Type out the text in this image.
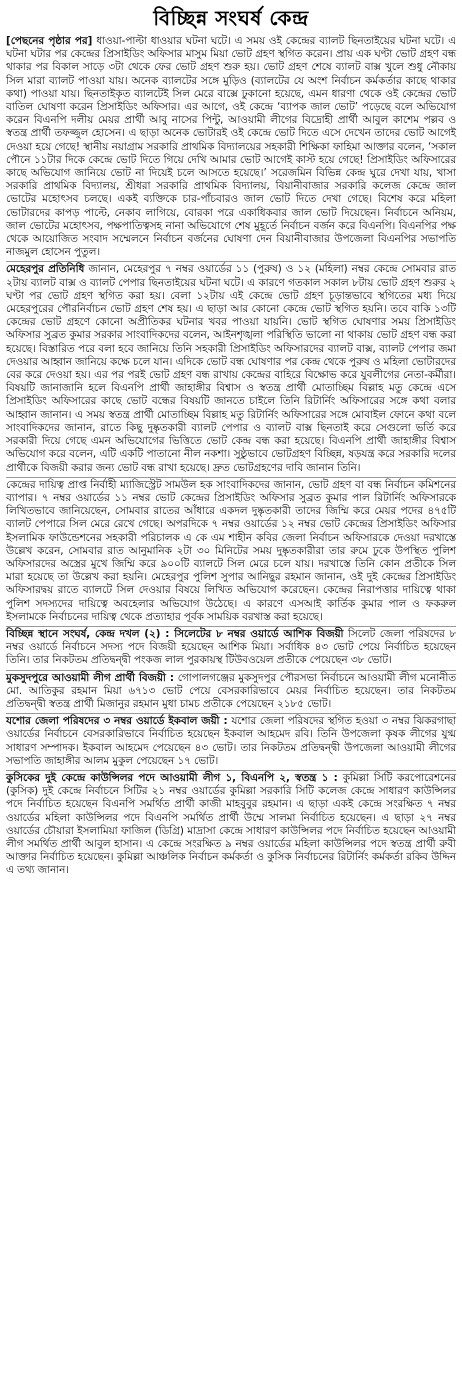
বিচ্ছিন্ন সংঘর্ষ কেন্দ্র

[পেছনের পৃষ্ঠার পর] ধাওয়া-পাল্টা ধাওয়ার ঘটনা ঘটে। এ সময় ওই কেন্দ্রের ব্যালট ছিনতাইয়ের ঘটনা ঘটে। এ ঘটনা ঘটার পর কেন্দ্রের প্রিসাইডিং অফিসার মাসুম মিয়া ভোট গ্রহণ স্থগিত করেন। প্রায় এক ঘণ্টা ভোট গ্রহণ বন্ধ থাকার পর বিকাল সাড়ে ৩টা থেকে ফের ভোট গ্রহণ শুরু হয়। ভোট গ্রহণ শেষে ব্যালট বাক্স খুলে শুধু নৌকায় সিল মারা ব্যালট পাওয়া যায়। অনেক ব্যালটের সঙ্গে মুড়িও (ব্যালটের যে অংশ নির্বাচন কর্মকর্তার কাছে থাকার কথা) পাওয়া যায়। ছিনতাইকৃত ব্যালটেই সিল মেরে বাক্সে ঢুকানো হয়েছে, এমন ধারণা থেকে ওই কেন্দ্রের ভোট বাতিল ঘোষণা করেন প্রিসাইডিং অফিসার। এর আগে, ওই কেন্দ্রে ‘ব্যাপক জাল ভোট’ পড়েছে বলে অভিযোগ করেন বিএনপি দলীয় মেয়র প্রার্থী আবু নাসের পিন্টু, আওয়ামী লীগের বিদ্রোহী প্রার্থী আবুল কাশেম পল্লব ও স্বতন্ত্র প্রার্থী তফজ্জুল হোসেন। এ ছাড়া অনেক ভোটারই ওই কেন্দ্রে ভোট দিতে এসে দেখেন তাদের ভোট আগেই দেওয়া হয়ে গেছে! স্থানীয় নয়াগ্রাম সরকারি প্রাথমিক বিদ্যালয়ের সহকারী শিক্ষিকা ফাহিমা আক্তার বলেন, ‘সকাল পৌনে ১১টার দিকে কেন্দ্রে ভোট দিতে গিয়ে দেখি আমার ভোট আগেই কাস্ট হয়ে গেছে! প্রিসাইডিং অফিসারের কাছে অভিযোগ জানিয়ে ভোট না দিয়েই চলে আসতে হয়েছে।’ সরেজমিন বিভিন্ন কেন্দ্র ঘুরে দেখা যায়, খাসা সরকারি প্রাথমিক বিদ্যালয়, শ্রীধরা সরকারি প্রাথমিক বিদ্যালয়, বিয়ানীবাজার সরকারি কলেজ কেন্দ্রে জাল ভোটের মহোৎসব চলছে। একই ব্যক্তিকে চার-পাঁচবারও জাল ভোট দিতে দেখা গেছে। বিশেষ করে মহিলা ভোটারদের কাপড় পাল্টে, নেকাব লাগিয়ে, বোরকা পরে একাধিকবার জাল ভোট দিয়েছেন। নির্বাচনে অনিয়ম, জাল ভোটের মহোৎসব, পক্ষপাতিত্বসহ নানা অভিযোগে শেষ মুহূর্তে নির্বাচন বর্জন করে বিএনপি। বিএনপির পক্ষ থেকে আয়োজিত সংবাদ সম্মেলনে নির্বাচন বর্জনের ঘোষণা দেন বিয়ানীবাজার উপজেলা বিএনপির সভাপতি নাজমুল হোসেন পুতুল।

মেহেরপুর প্রতিনিধি জানান, মেহেরপুর ৭ নম্বর ওয়ার্ডের ১১ (পুরুষ) ও ১২ (মহিলা) নম্বর কেন্দ্রে সোমবার রাত ২টায় ব্যালট বাক্স ও ব্যালট পেপার ছিনতাইয়ের ঘটনা ঘটে। এ কারণে গতকাল সকাল ৮টায় ভোট গ্রহণ শুরুর ২ ঘণ্টা পর ভোট গ্রহণ স্থগিত করা হয়। বেলা ১২টায় এই কেন্দ্রে ভোট গ্রহণ চূড়ান্তভাবে স্থগিতের মধ্য দিয়ে মেহেরপুরের পৌরনির্বাচন ভোট গ্রহণ শেষ হয়। এ ছাড়া আর কোনো কেন্দ্রে ভোট স্থগিত হয়নি। তবে বাকি ১৩টি কেন্দ্রের ভোট গ্রহণে কোনো অপ্রীতিকর ঘটনার খবর পাওয়া যায়নি। ভোট স্থগিত ঘোষণার সময় প্রিসাইডিং অফিসার সুব্রত কুমার সরকার সাংবাদিকদের বলেন, আইনশৃঙ্খলা পরিস্থিতি ভালো না থাকায় ভোট গ্রহণ বন্ধ করা হয়েছে। বিস্তারিত পরে বলা হবে জানিয়ে তিনি সহকারী প্রিসাইডিং অফিসারদের ব্যালট বাক্স, ব্যালট পেপার জমা দেওয়ার আহ্বান জানিয়ে কক্ষে চলে যান। এদিকে ভোট বন্ধ ঘোষণার পর কেন্দ্র থেকে পুরুষ ও মহিলা ভোটারদের বের করে দেওয়া হয়। এর পর পরই ভোট গ্রহণ বন্ধ রাখায় কেন্দ্রের বাহিরে বিক্ষোভ করে যুবলীগের নেতা-কর্মীরা। বিষয়টি জানাজানি হলে বিএনপি প্রার্থী জাহাঙ্গীর বিশ্বাস ও স্বতন্ত্র প্রার্থী মোতাচ্ছিম বিল্লাহ মতু কেন্দ্রে এসে প্রিসাইডিং অফিসারের কাছে ভোট বন্ধের বিষয়টি জানতে চাইলে তিনি রিটার্নিং অফিসারের সঙ্গে কথা বলার আহ্বান জানান। এ সময় স্বতন্ত্র প্রার্থী মোতাচ্ছিম বিল্লাহ মতু রিটার্নিং অফিসারের সঙ্গে মোবাইল ফোনে কথা বলে সাংবাদিকদের জানান, রাতে কিছু দুষ্কৃতকারী ব্যালট পেপার ও ব্যালট বাক্স ছিনতাই করে সেগুলো ভর্তি করে সরকারী দিয়ে গেছে এমন অভিযোগের ভিত্তিতে ভোট কেন্দ্র বন্ধ করা হয়েছে। বিএনপি প্রার্থী জাহাঙ্গীর বিশ্বাস অভিযোগ করে বলেন, এটি একটি পাতানো নীল নকশা। সুষ্ঠুভাবে ভোটগ্রহণ বিচ্ছিন্ন, ষড়যন্ত্র করে সরকারি দলের প্রার্থীকে বিজয়ী করার জন্য ভোট বন্ধ রাখা হয়েছে। দ্রুত ভোটগ্রহণের দাবি জানান তিনি।

কেন্দ্রের দায়িত্ব প্রাপ্ত নির্বাহী ম্যাজিস্ট্রেট সামউল হক সাংবাদিকদের জানান, ভোট গ্রহণ বা বন্ধ নির্বাচন কমিশনের ব্যাপার। ৭ নম্বর ওয়ার্ডের ১১ নম্বর ভোট কেন্দ্রের প্রিসাইডিং অফিসার সুব্রত কুমার পাল রিটার্নিং অফিসারকে লিখিতভাবে জানিয়েছেন, সোমবার রাতের আঁধারে একদল দুষ্কৃতকারী তাদের জিম্মি করে মেয়র পদের ৪৭৫টি ব্যালট পেপারে সিল মেরে রেখে গেছে। অপরদিকে ৭ নম্বর ওয়ার্ডের ১২ নম্বর ভোট কেন্দ্রের প্রিসাইডিং অফিসার ইসলামিক ফাউন্ডেশনের সহকারী পরিচালক এ কে এম শাহীন কবির জেলা নির্বাচন অফিসারকে দেওয়া দরখাস্তে উল্লেখ করেন, সোমবার রাত আনুমানিক ২টা ৩০ মিনিটের সময় দুষ্কৃতকারীরা তার রুমে ঢুকে উপস্থিত পুলিশ অফিসারদের অস্ত্রের মুখে জিম্মি করে ৯০০টি ব্যালটে সিল মেরে চলে যায়। দরখাস্তে তিনি কোন প্রতীকে সিল মারা হয়েছে তা উল্লেখ করা হয়নি। মেহেরপুর পুলিশ সুপার আনিছুর রহমান জানান, ওই দুই কেন্দ্রের প্রিসাইডিং অফিসারদ্বয় রাতে ব্যালটে সিল দেওয়ার বিষয়ে লিখিত অভিযোগ করেছেন। কেন্দ্রের নিরাপত্তার দায়িত্বে থাকা পুলিশ সদস্যদের দায়িত্বে অবহেলার অভিযোগ উঠেছে। এ কারণে এসআই কার্তিক কুমার পাল ও ফকরুল ইসলামকে নির্বাচনের দায়িত্ব থেকে প্রত্যাহার পূর্বক সাময়িক বরখাস্ত করা হয়েছে।

বিচ্ছিন্ন স্থানে সংঘর্ষ, কেন্দ্র দখল (২) : সিলেটের ৮ নম্বর ওয়ার্ডে আশিক বিজয়ী সিলেট জেলা পরিষদের ৮ নম্বর ওয়ার্ডে নির্বাচনে সদস্য পদে বিজয়ী হয়েছেন আশিক মিয়া। সর্বাধিক ৪৩ ভোট পেয়ে নির্বাচিত হয়েছেন তিনি। তার নিকটতম প্রতিদ্বন্দ্বী পংকজ লাল পুরকায়স্থ টিউবওয়েল প্রতীকে পেয়েছেন ৩৮ ভোট।

মুকসুদপুরে আওয়ামী লীগ প্রার্থী বিজয়ী : গোপালগঞ্জের মুকসুদপুর পৌরসভা নির্বাচনে আওয়ামী লীগ মনোনীত মো. আতিকুর রহমান মিয়া ৬৭১৩ ভোট পেয়ে বেসরকারিভাবে মেয়র নির্বাচিত হয়েছেন। তার নিকটতম প্রতিদ্বন্দ্বী স্বতন্ত্র প্রার্থী মিজানুর রহমান মুধা চামচ প্রতীকে পেয়েছেন ২১৮৫ ভোট।

যশোর জেলা পরিষদের ৩ নম্বর ওয়ার্ডে ইকবাল জয়ী : যশোর জেলা পরিষদের স্থগিত হওয়া ৩ নম্বর ঝিকরগাছা ওয়ার্ডের নির্বাচনে বেসরকারিভাবে নির্বাচিত হয়েছেন ইকবাল আহমেদ রবি। তিনি উপজেলা কৃষক লীগের যুগ্ম সাধারণ সম্পাদক। ইকবাল আহমেদ পেয়েছেন ৪৩ ভোট। তার নিকটতম প্রতিদ্বন্দ্বী উপজেলা আওয়ামী লীগের সভাপতি জাহাঙ্গীর আলম মুকুল পেয়েছেন ১৭ ভোট।

কুসিকের দুই কেন্দ্রে কাউন্সিলর পদে আওয়ামী লীগ ১, বিএনপি ২, স্বতন্ত্র ১ : কুমিল্লা সিটি করপোরেশনের (কুসিক) দুই কেন্দ্রে নির্বাচনে সিটির ২১ নম্বর ওয়ার্ডের কুমিল্লা সরকারি সিটি কলেজ কেন্দ্রে সাধারণ কাউন্সিলর পদে নির্বাচিত হয়েছেন বিএনপি সমর্থিত প্রার্থী কাজী মাহবুবুর রহমান। এ ছাড়া একই কেন্দ্রে সংরক্ষিত ৭ নম্বর ওয়ার্ডের মহিলা কাউন্সিলর পদে বিএনপি সমর্থিত প্রার্থী উম্মে সালমা নির্বাচিত হয়েছেন। এ ছাড়া ২৭ নম্বর ওয়ার্ডের চৌয়ারা ইসলামিয়া ফাজিল (ডিগ্রি) মাদ্রাসা কেন্দ্রে সাধারণ কাউন্সিলর পদে নির্বাচিত হয়েছেন আওয়ামী লীগ সমর্থিত প্রার্থী আবুল হাসান। এ কেন্দ্রে সংরক্ষিত ৯ নম্বর ওয়ার্ডের মহিলা কাউন্সিলর পদে স্বতন্ত্র প্রার্থী রুবী আক্তার নির্বাচিত হয়েছেন। কুমিল্লা আঞ্চলিক নির্বাচন কর্মকর্তা ও কুসিক নির্বাচনের রিটার্নিং কর্মকর্তা রকিব উদ্দিন এ তথ্য জানান।
